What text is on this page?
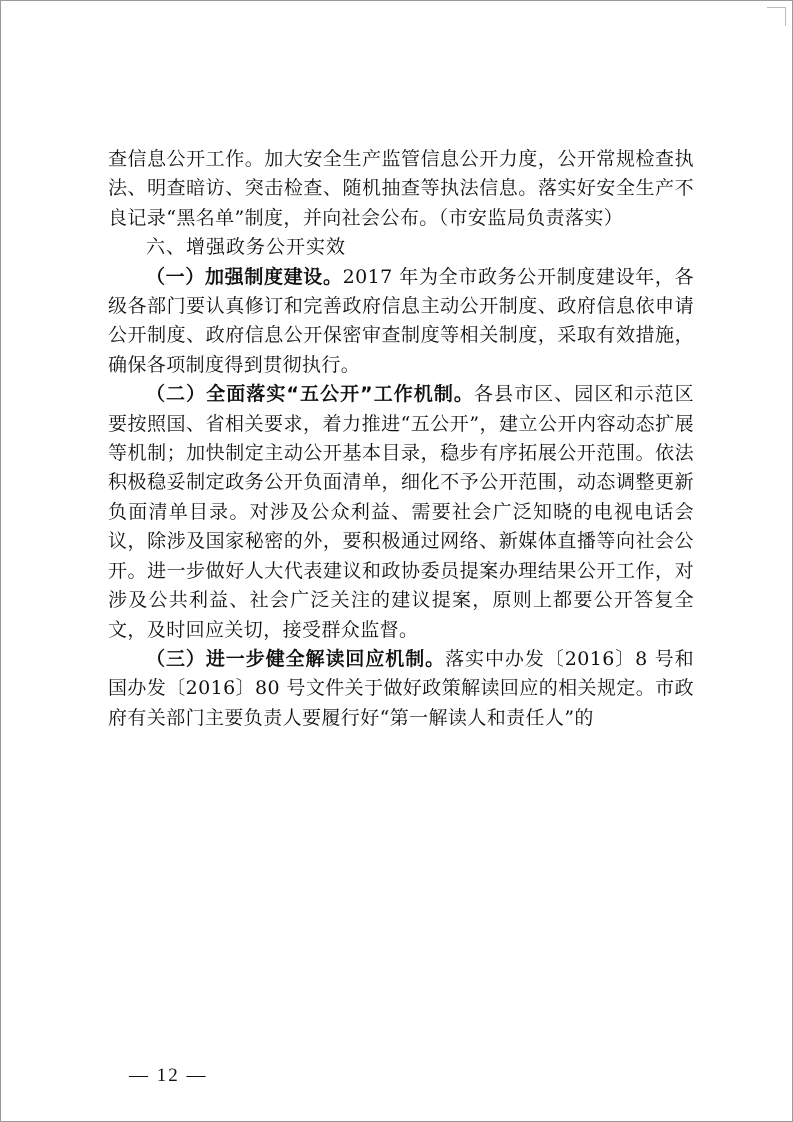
查信息公开工作。加大安全生产监管信息公开力度，公开常规检查执法、明查暗访、突击检查、随机抽查等执法信息。落实好安全生产不良记录“黑名单”制度，并向社会公布。（市安监局负责落实）

六、增强政务公开实效

（一）加强制度建设。2017 年为全市政务公开制度建设年，各级各部门要认真修订和完善政府信息主动公开制度、政府信息依申请公开制度、政府信息公开保密审查制度等相关制度，采取有效措施，确保各项制度得到贯彻执行。

（二）全面落实“五公开”工作机制。各县市区、园区和示范区要按照国、省相关要求，着力推进“五公开”，建立公开内容动态扩展等机制；加快制定主动公开基本目录，稳步有序拓展公开范围。依法积极稳妥制定政务公开负面清单，细化不予公开范围，动态调整更新负面清单目录。对涉及公众利益、需要社会广泛知晓的电视电话会议，除涉及国家秘密的外，要积极通过网络、新媒体直播等向社会公开。进一步做好人大代表建议和政协委员提案办理结果公开工作，对涉及公共利益、社会广泛关注的建议提案，原则上都要公开答复全文，及时回应关切，接受群众监督。

（三）进一步健全解读回应机制。落实中办发〔2016〕8 号和国办发〔2016〕80 号文件关于做好政策解读回应的相关规定。市政府有关部门主要负责人要履行好“第一解读人和责任人”的

— 12 —
